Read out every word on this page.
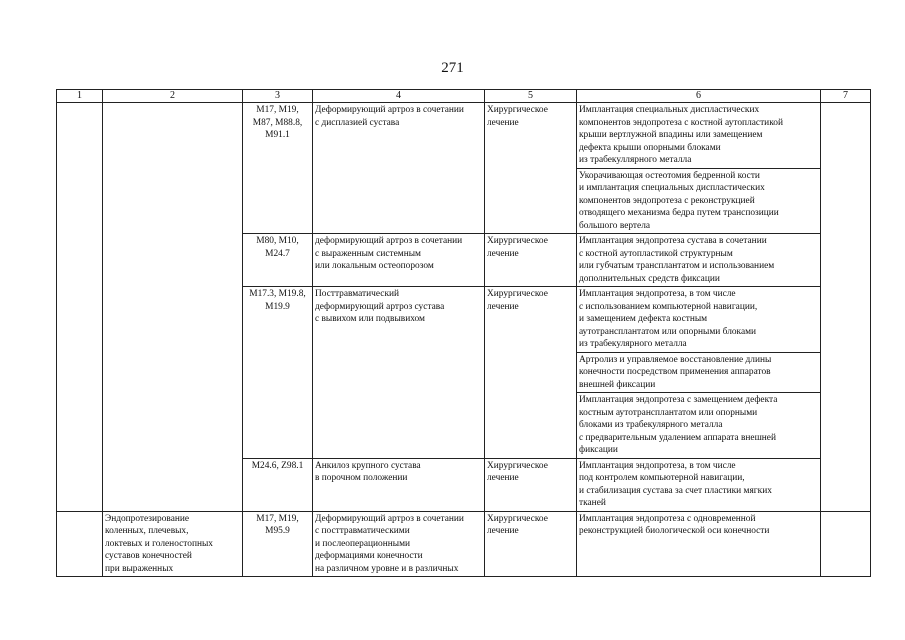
271
1	2	3	4	5	6	7

		M17, M19,
M87, M88.8,
M91.1	Деформирующий артроз в сочетании
с дисплазией сустава	Хирургическое
лечение	Имплантация специальных диспластических
компонентов эндопротеза с костной аутопластикой
крыши вертлужной впадины или замещением
дефекта крыши опорными блоками
из трабекуллярного металла	

					Укорачивающая остеотомия бедренной кости
и имплантация специальных диспластических
компонентов эндопротеза с реконструкцией
отводящего механизма бедра путем транспозиции
большого вертела	

		M80, M10,
M24.7	деформирующий артроз в сочетании
с выраженным системным
или локальным остеопорозом	Хирургическое
лечение	Имплантация эндопротеза сустава в сочетании
с костной аутопластикой структурным
или губчатым трансплантатом и использованием
дополнительных средств фиксации	

		M17.3, M19.8,
M19.9	Посттравматический
деформирующий артроз сустава
с вывихом или подвывихом	Хирургическое
лечение	Имплантация эндопротеза, в том числе
с использованием компьютерной навигации,
и замещением дефекта костным
аутотрансплантатом или опорными блоками
из трабекулярного металла	

					Артролиз и управляемое восстановление длины
конечности посредством применения аппаратов
внешней фиксации	

					Имплантация эндопротеза с замещением дефекта
костным аутотрансплантатом или опорными
блоками из трабекулярного металла
с предварительным удалением аппарата внешней
фиксации	

		M24.6, Z98.1	Анкилоз крупного сустава
в порочном положении	Хирургическое
лечение	Имплантация эндопротеза, в том числе
под контролем компьютерной навигации,
и стабилизация сустава за счет пластики мягких
тканей	

	Эндопротезирование
коленных, плечевых,
локтевых и голеностопных
суставов конечностей
при выраженных	M17, M19,
M95.9	Деформирующий артроз в сочетании
с посттравматическими
и послеоперационными
деформациями конечности
на различном уровне и в различных	Хирургическое
лечение	Имплантация эндопротеза с одновременной
реконструкцией биологической оси конечности	
